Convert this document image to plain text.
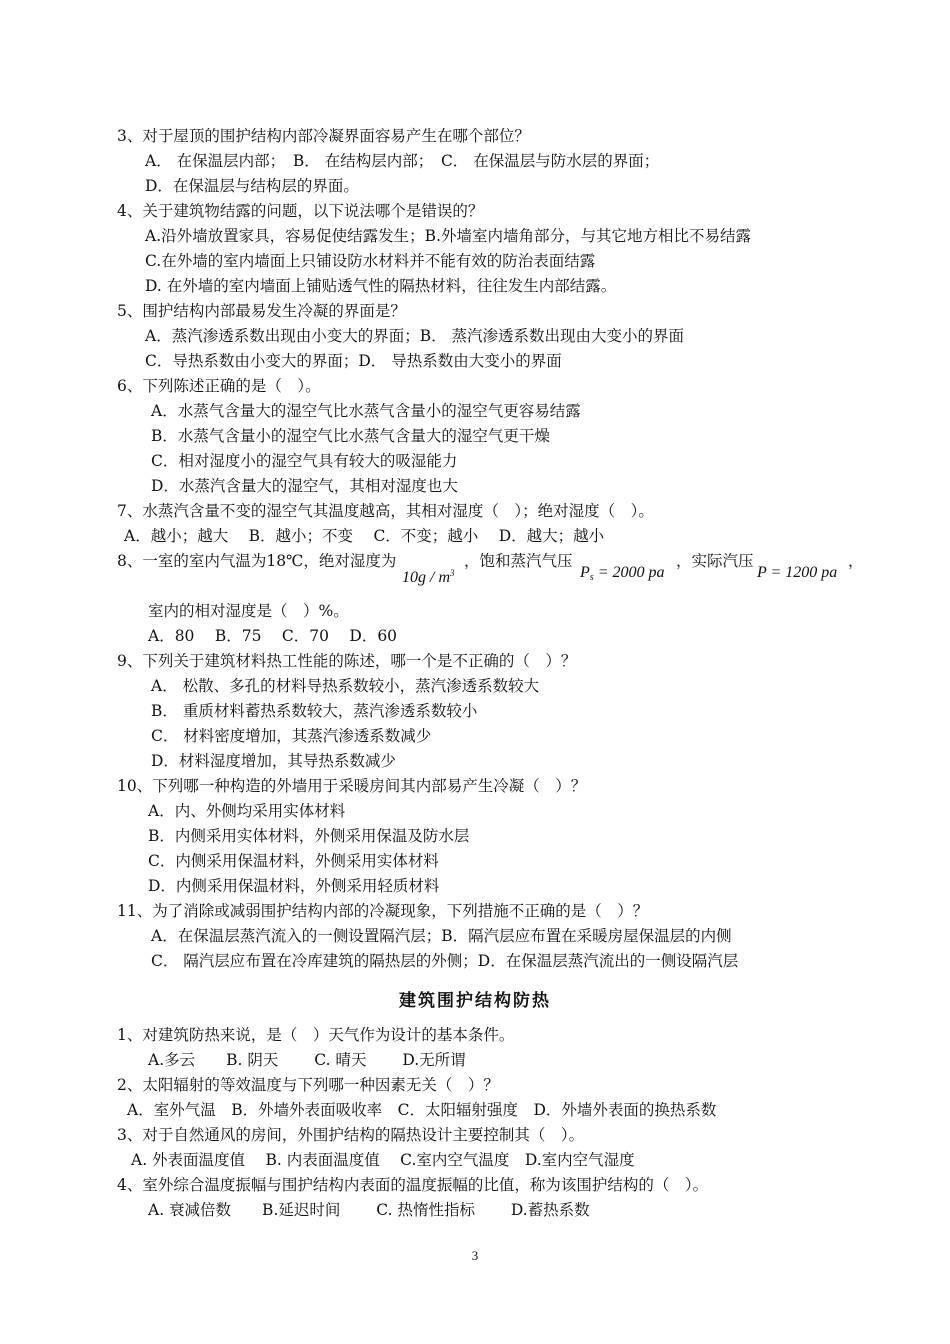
3、对于屋顶的围护结构内部冷凝界面容易产生在哪个部位？
A． 在保温层内部；　B． 在结构层内部；　C． 在保温层与防水层的界面；
D．在保温层与结构层的界面。
4、关于建筑物结露的问题，以下说法哪个是错误的？
A.沿外墙放置家具，容易促使结露发生；B.外墙室内墙角部分，与其它地方相比不易结露
C.在外墙的室内墙面上只铺设防水材料并不能有效的防治表面结露
D. 在外墙的室内墙面上铺贴透气性的隔热材料，往往发生内部结露。
5、围护结构内部最易发生冷凝的界面是？
A．蒸汽渗透系数出现由小变大的界面；B． 蒸汽渗透系数出现由大变小的界面
C．导热系数由小变大的界面；D． 导热系数由大变小的界面
6、下列陈述正确的是（　）。
A．水蒸气含量大的湿空气比水蒸气含量小的湿空气更容易结露
B．水蒸气含量小的湿空气比水蒸气含量大的湿空气更干燥
C．相对湿度小的湿空气具有较大的吸湿能力
D．水蒸汽含量大的湿空气，其相对湿度也大
7、水蒸汽含量不变的湿空气其温度越高，其相对湿度（　）；绝对湿度（　）。
A．越小；越大　 B．越小；不变　 C．不变；越小　 D．越大；越小
8、一室的室内气温为18℃，绝对湿度为
$10g / m^3$
，饱和蒸汽气压
$P_s = 2000$ pa
，实际汽压
P = 1200 pa
，
室内的相对湿度是（　）%。
A．80　 B．75　 C．70　 D．60
9、下列关于建筑材料热工性能的陈述，哪一个是不正确的（　）？
A． 松散、多孔的材料导热系数较小，蒸汽渗透系数较大
B． 重质材料蓄热系数较大，蒸汽渗透系数较小
C． 材料密度增加，其蒸汽渗透系数减少
D．材料湿度增加，其导热系数减少
10、下列哪一种构造的外墙用于采暖房间其内部易产生冷凝（　）？
A．内、外侧均采用实体材料
B．内侧采用实体材料，外侧采用保温及防水层
C．内侧采用保温材料，外侧采用实体材料
D．内侧采用保温材料，外侧采用轻质材料
11、为了消除或减弱围护结构内部的冷凝现象，下列措施不正确的是（　）？
A．在保温层蒸汽流入的一侧设置隔汽层；B．隔汽层应布置在采暖房屋保温层的内侧
C． 隔汽层应布置在冷库建筑的隔热层的外侧；D．在保温层蒸汽流出的一侧设隔汽层
建筑围护结构防热
1、对建筑防热来说，是（　）天气作为设计的基本条件。
A.多云　　B. 阴天　　 C. 晴天　　 D.无所谓
2、太阳辐射的等效温度与下列哪一种因素无关（　）？
A．室外气温　B．外墙外表面吸收率　C．太阳辐射强度　D．外墙外表面的换热系数
3、对于自然通风的房间，外围护结构的隔热设计主要控制其（　）。
A. 外表面温度值　 B. 内表面温度值　 C.室内空气温度　D.室内空气湿度
4、室外综合温度振幅与围护结构内表面的温度振幅的比值，称为该围护结构的（　）。
A. 衰减倍数　　B.延迟时间　　 C. 热惰性指标　　 D.蓄热系数
3
